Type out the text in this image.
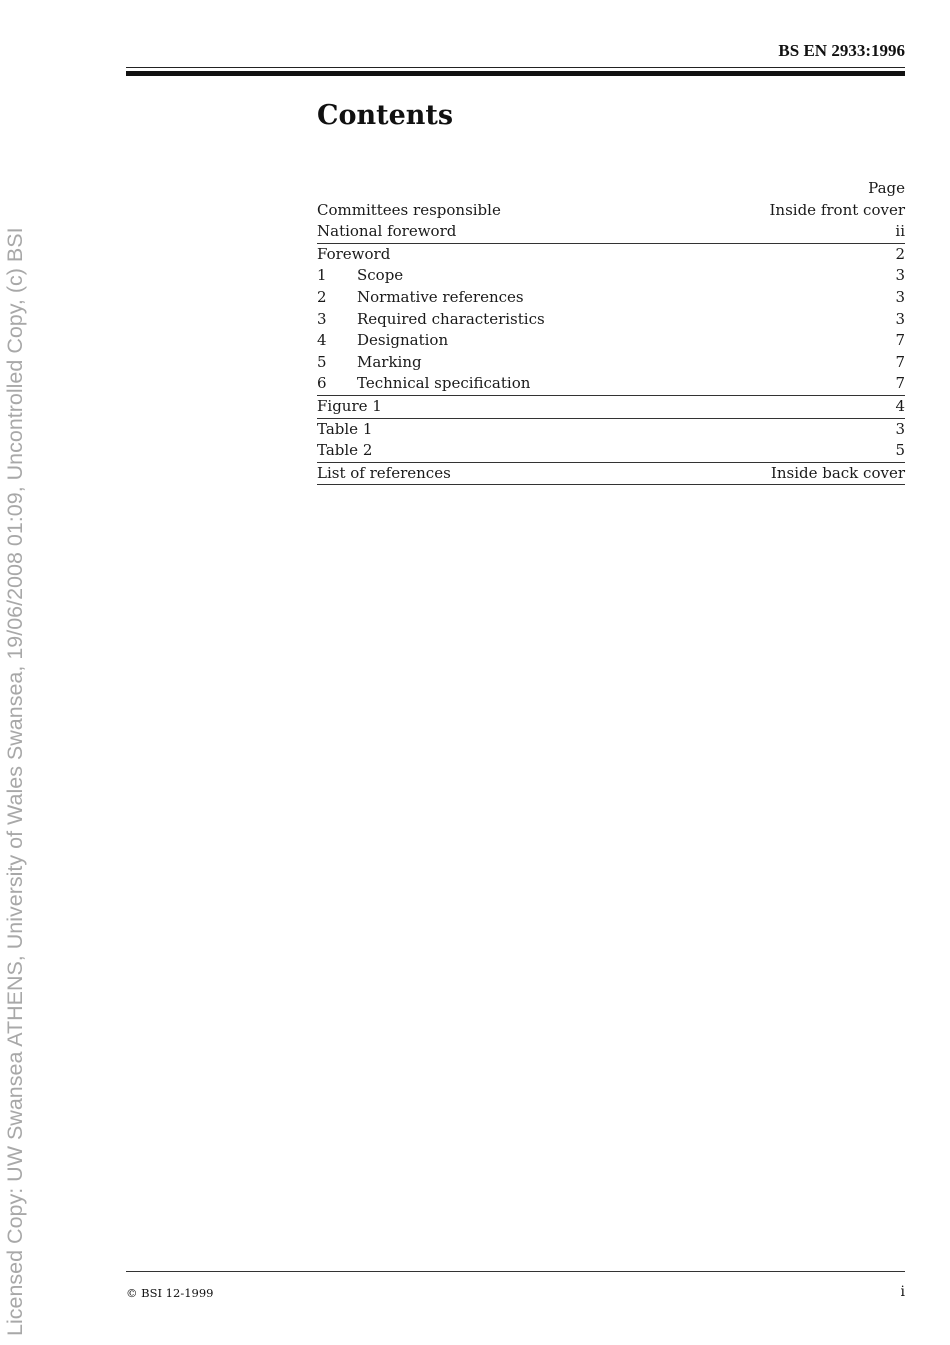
Licensed Copy: UW Swansea ATHENS, University of Wales Swansea, 19/06/2008 01:09, Uncontrolled Copy, (c) BSI
BS EN 2933:1996
Contents
Page
Committees responsible	Inside front cover
National foreword	ii
Foreword	2
1 Scope	3
2 Normative references	3
3 Required characteristics	3
4 Designation	7
5 Marking	7
6 Technical specification	7
Figure 1	4
Table 1	3
Table 2	5
List of references	Inside back cover
© BSI 12-1999	i
